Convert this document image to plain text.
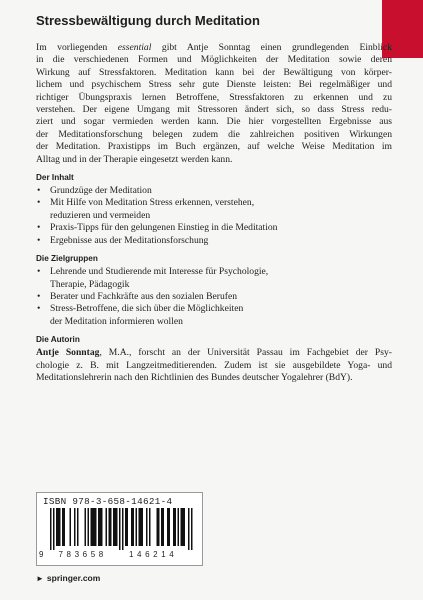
Stressbewältigung durch Meditation

Im vorliegenden essential gibt Antje Sonntag einen grundlegenden Einblick
in die verschiedenen Formen und Möglichkeiten der Meditation sowie deren
Wirkung auf Stressfaktoren. Meditation kann bei der Bewältigung von körper-
lichem und psychischem Stress sehr gute Dienste leisten: Bei regelmäßiger und
richtiger Übungspraxis lernen Betroffene, Stressfaktoren zu erkennen und zu
verstehen. Der eigene Umgang mit Stressoren ändert sich, so dass Stress redu-
ziert und sogar vermieden werden kann. Die hier vorgestellten Ergebnisse aus
der Meditationsforschung belegen zudem die zahlreichen positiven Wirkungen
der Meditation. Praxistipps im Buch ergänzen, auf welche Weise Meditation im
Alltag und in der Therapie eingesetzt werden kann.

Der Inhalt
• Grundzüge der Meditation
• Mit Hilfe von Meditation Stress erkennen, verstehen,
reduzieren und vermeiden
• Praxis-Tipps für den gelungenen Einstieg in die Meditation
• Ergebnisse aus der Meditationsforschung
Die Zielgruppen
• Lehrende und Studierende mit Interesse für Psychologie,
Therapie, Pädagogik
• Berater und Fachkräfte aus den sozialen Berufen
• Stress-Betroffene, die sich über die Möglichkeiten
der Meditation informieren wollen
Die Autorin

Antje Sonntag, M.A., forscht an der Universität Passau im Fachgebiet der Psy-
chologie z. B. mit Langzeitmeditierenden. Zudem ist sie ausgebildete Yoga- und
Meditationslehrerin nach den Richtlinien des Bundes deutscher Yogalehrer (BdY).

ISBN 978-3-658-14621-4
9 783658	146214
► springer.com
